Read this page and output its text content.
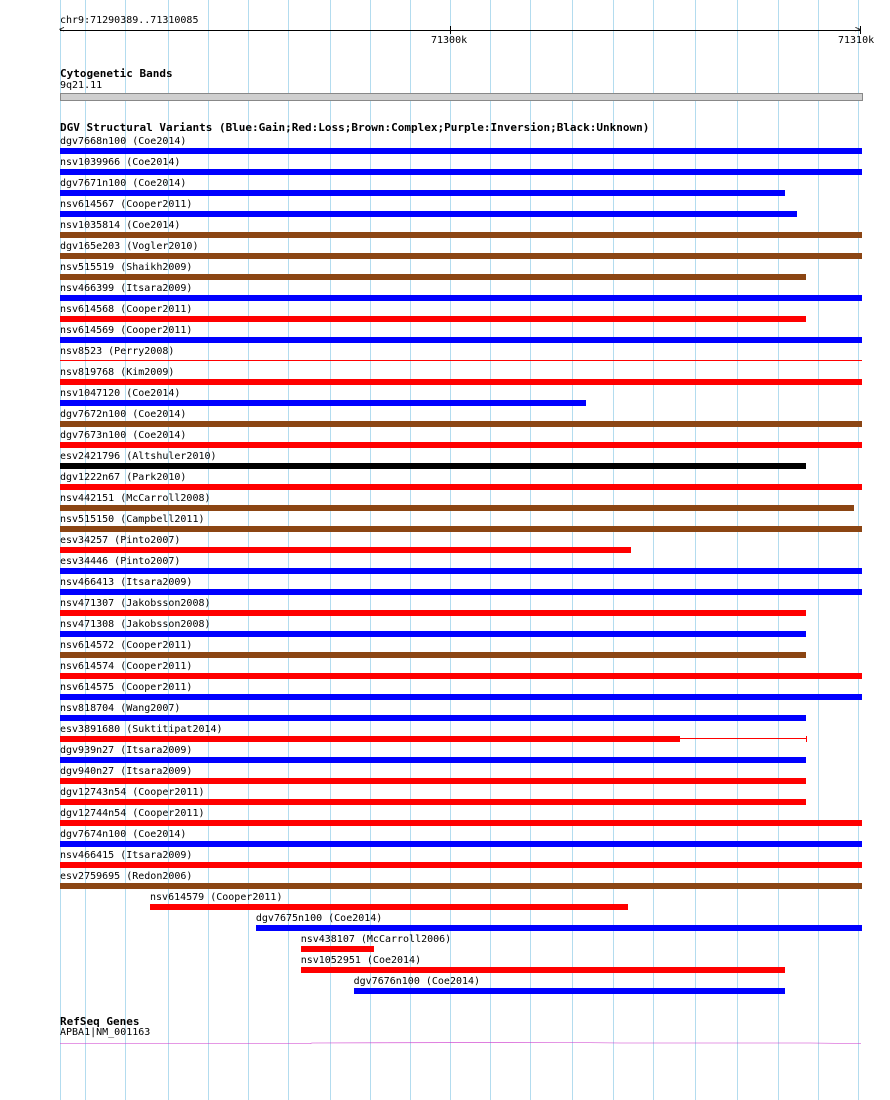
chr9:71290389..71310085
>
71300k	71310k
Cytogenetic Bands
9q21.11
DGV Structural Variants (Blue:Gain;Red:Loss;Brown:Complex;Purple:Inversion;Black:Unknown)
dgv7668n100 (Coe2014)
nsv1039966 (Coe2014)
dgv7671n100 (Coe2014)
nsv614567 (Cooper2011)
nsv1035814 (Coe2014)
dgv165e203 (Vogler2010)
nsv515519 (Shaikh2009)
nsv466399 (Itsara2009)
nsv614568 (Cooper2011)
nsv614569 (Cooper2011)
nsv8523 (Perry2008)
nsv819768 (Kim2009)
nsv1047120 (Coe2014)
dgv7672n100 (Coe2014)
dgv7673n100 (Coe2014)
esv2421796 (Altshuler2010)
dgv1222n67 (Park2010)
nsv442151 (McCarroll2008)
nsv515150 (Campbell2011)
esv34257 (Pinto2007)
esv34446 (Pinto2007)
nsv466413 (Itsara2009)
nsv471307 (Jakobsson2008)
nsv471308 (Jakobsson2008)
nsv614572 (Cooper2011)
nsv614574 (Cooper2011)
nsv614575 (Cooper2011)
nsv818704 (Wang2007)
esv3891680 (Suktitipat2014)
dgv939n27 (Itsara2009)
dgv940n27 (Itsara2009)
dgv12743n54 (Cooper2011)
dgv12744n54 (Cooper2011)
dgv7674n100 (Coe2014)
nsv466415 (Itsara2009)
esv2759695 (Redon2006)
nsv614579 (Cooper2011)
dgv7675n100 (Coe2014)
nsv438107 (McCarroll2006)
nsv1052951 (Coe2014)
dgv7676n100 (Coe2014)
RefSeq Genes
APBA1|NM_001163
